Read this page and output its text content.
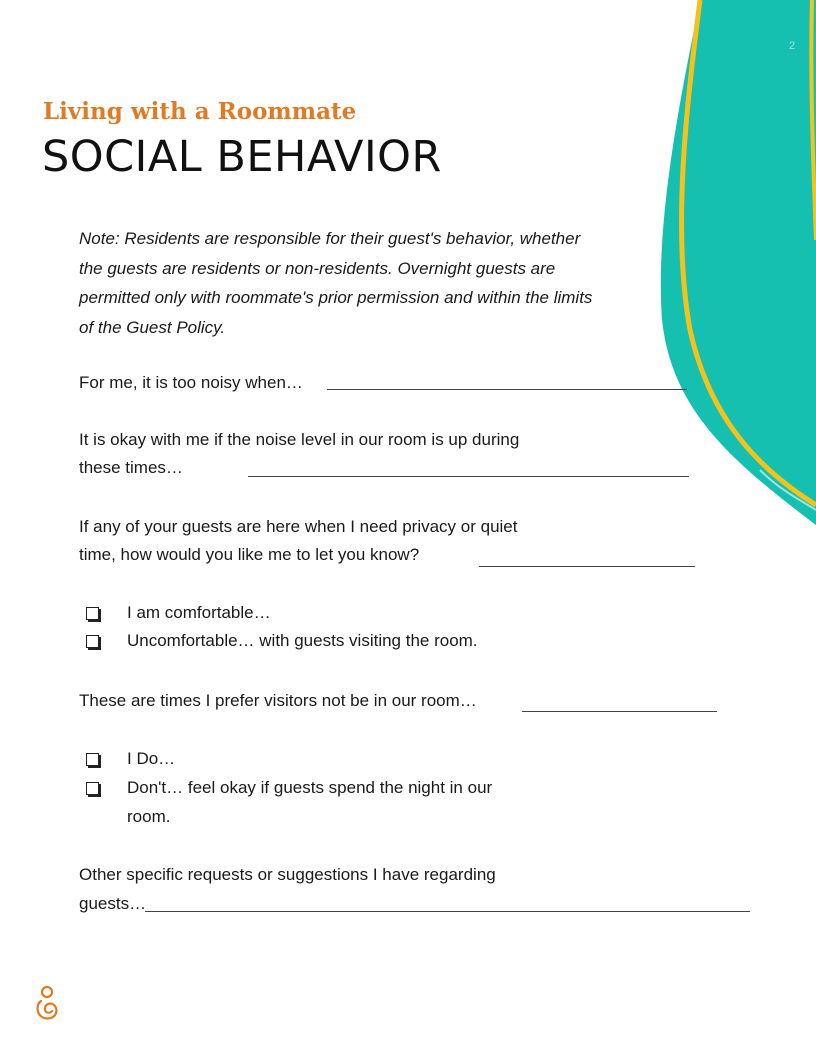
2
Living with a Roommate
SOCIAL BEHAVIOR
Note: Residents are responsible for their guest's behavior, whether the guests are residents or non-residents. Overnight guests are permitted only with roommate's prior permission and within the limits of the Guest Policy.
For me, it is too noisy when…
It is okay with me if the noise level in our room is up during
these times…
If any of your guests are here when I need privacy or quiet
time, how would you like me to let you know?
I am comfortable…
Uncomfortable… with guests visiting the room.
These are times I prefer visitors not be in our room…
I Do…
Don't… feel okay if guests spend the night in our
room.
Other specific requests or suggestions I have regarding
guests…
